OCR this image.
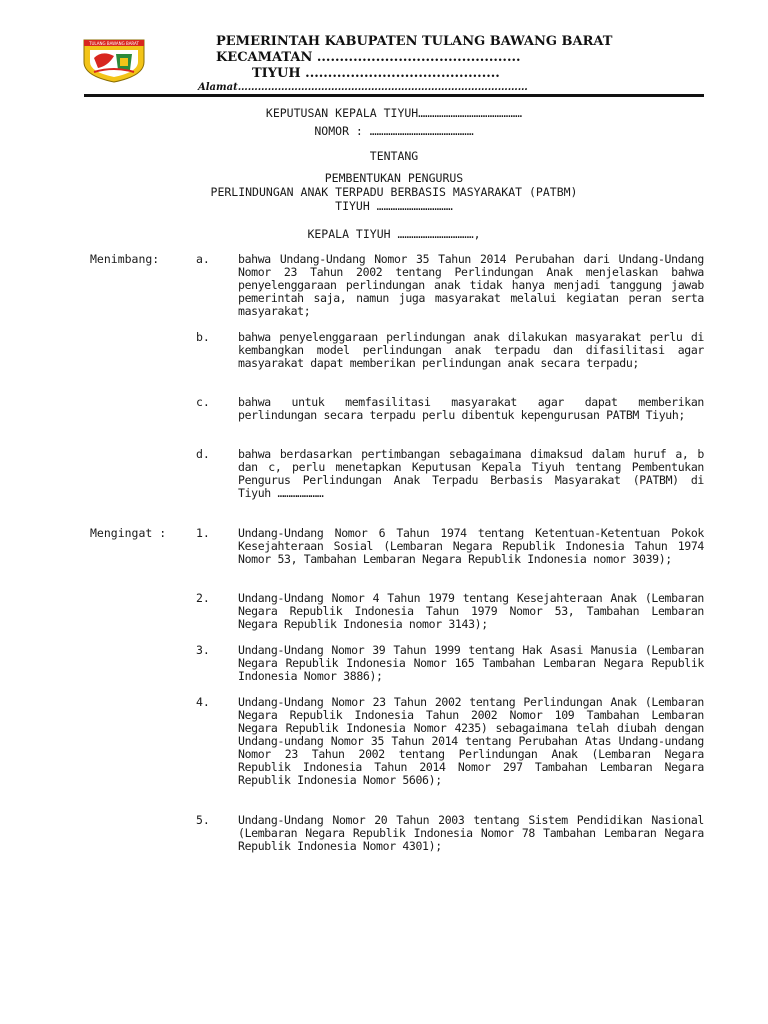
TULANG BAWANG BARAT	PEMERINTAH KABUPATEN TULANG BAWANG BARAT
KECAMATAN .............................................
TIYUH ...........................................
Alamat……………………………………………………………………………
KEPUTUSAN KEPALA TIYUH………………………………………
NOMOR : ………………………………………
TENTANG
PEMBENTUKAN PENGURUS
PERLINDUNGAN ANAK TERPADU BERBASIS MASYARAKAT (PATBM)
TIYUH ……………………………
KEPALA TIYUH ……………………………,
Menimbang:	a. bahwa Undang-Undang Nomor 35 Tahun 2014 Perubahan dari Undang-Undang Nomor 23 Tahun 2002 tentang Perlindungan Anak menjelaskan bahwa penyelenggaraan perlindungan anak tidak hanya menjadi tanggung jawab pemerintah saja, namun juga masyarakat melalui kegiatan peran serta masyarakat;
b. bahwa penyelenggaraan perlindungan anak dilakukan masyarakat perlu di kembangkan model perlindungan anak terpadu dan difasilitasi agar masyarakat dapat memberikan perlindungan anak secara terpadu;
c. bahwa untuk memfasilitasi masyarakat agar dapat memberikan perlindungan secara terpadu perlu dibentuk kepengurusan PATBM Tiyuh;
d. bahwa berdasarkan pertimbangan sebagaimana dimaksud dalam huruf a, b dan c, perlu menetapkan Keputusan Kepala Tiyuh tentang Pembentukan Pengurus Perlindungan Anak Terpadu Berbasis Masyarakat (PATBM) di Tiyuh …………………
Mengingat :	1. Undang-Undang Nomor 6 Tahun 1974 tentang Ketentuan-Ketentuan Pokok Kesejahteraan Sosial (Lembaran Negara Republik Indonesia Tahun 1974 Nomor 53, Tambahan Lembaran Negara Republik Indonesia nomor 3039);
2. Undang-Undang Nomor 4 Tahun 1979 tentang Kesejahteraan Anak (Lembaran Negara Republik Indonesia Tahun 1979 Nomor 53, Tambahan Lembaran Negara Republik Indonesia nomor 3143);
3. Undang-Undang Nomor 39 Tahun 1999 tentang Hak Asasi Manusia (Lembaran Negara Republik Indonesia Nomor 165 Tambahan Lembaran Negara Republik Indonesia Nomor 3886);
4. Undang-Undang Nomor 23 Tahun 2002 tentang Perlindungan Anak (Lembaran Negara Republik Indonesia Tahun 2002 Nomor 109 Tambahan Lembaran Negara Republik Indonesia Nomor 4235) sebagaimana telah diubah dengan Undang-undang Nomor 35 Tahun 2014 tentang Perubahan Atas Undang-undang Nomor 23 Tahun 2002 tentang Perlindungan Anak (Lembaran Negara Republik Indonesia Tahun 2014 Nomor 297 Tambahan Lembaran Negara Republik Indonesia Nomor 5606);
5. Undang-Undang Nomor 20 Tahun 2003 tentang Sistem Pendidikan Nasional (Lembaran Negara Republik Indonesia Nomor 78 Tambahan Lembaran Negara Republik Indonesia Nomor 4301);
